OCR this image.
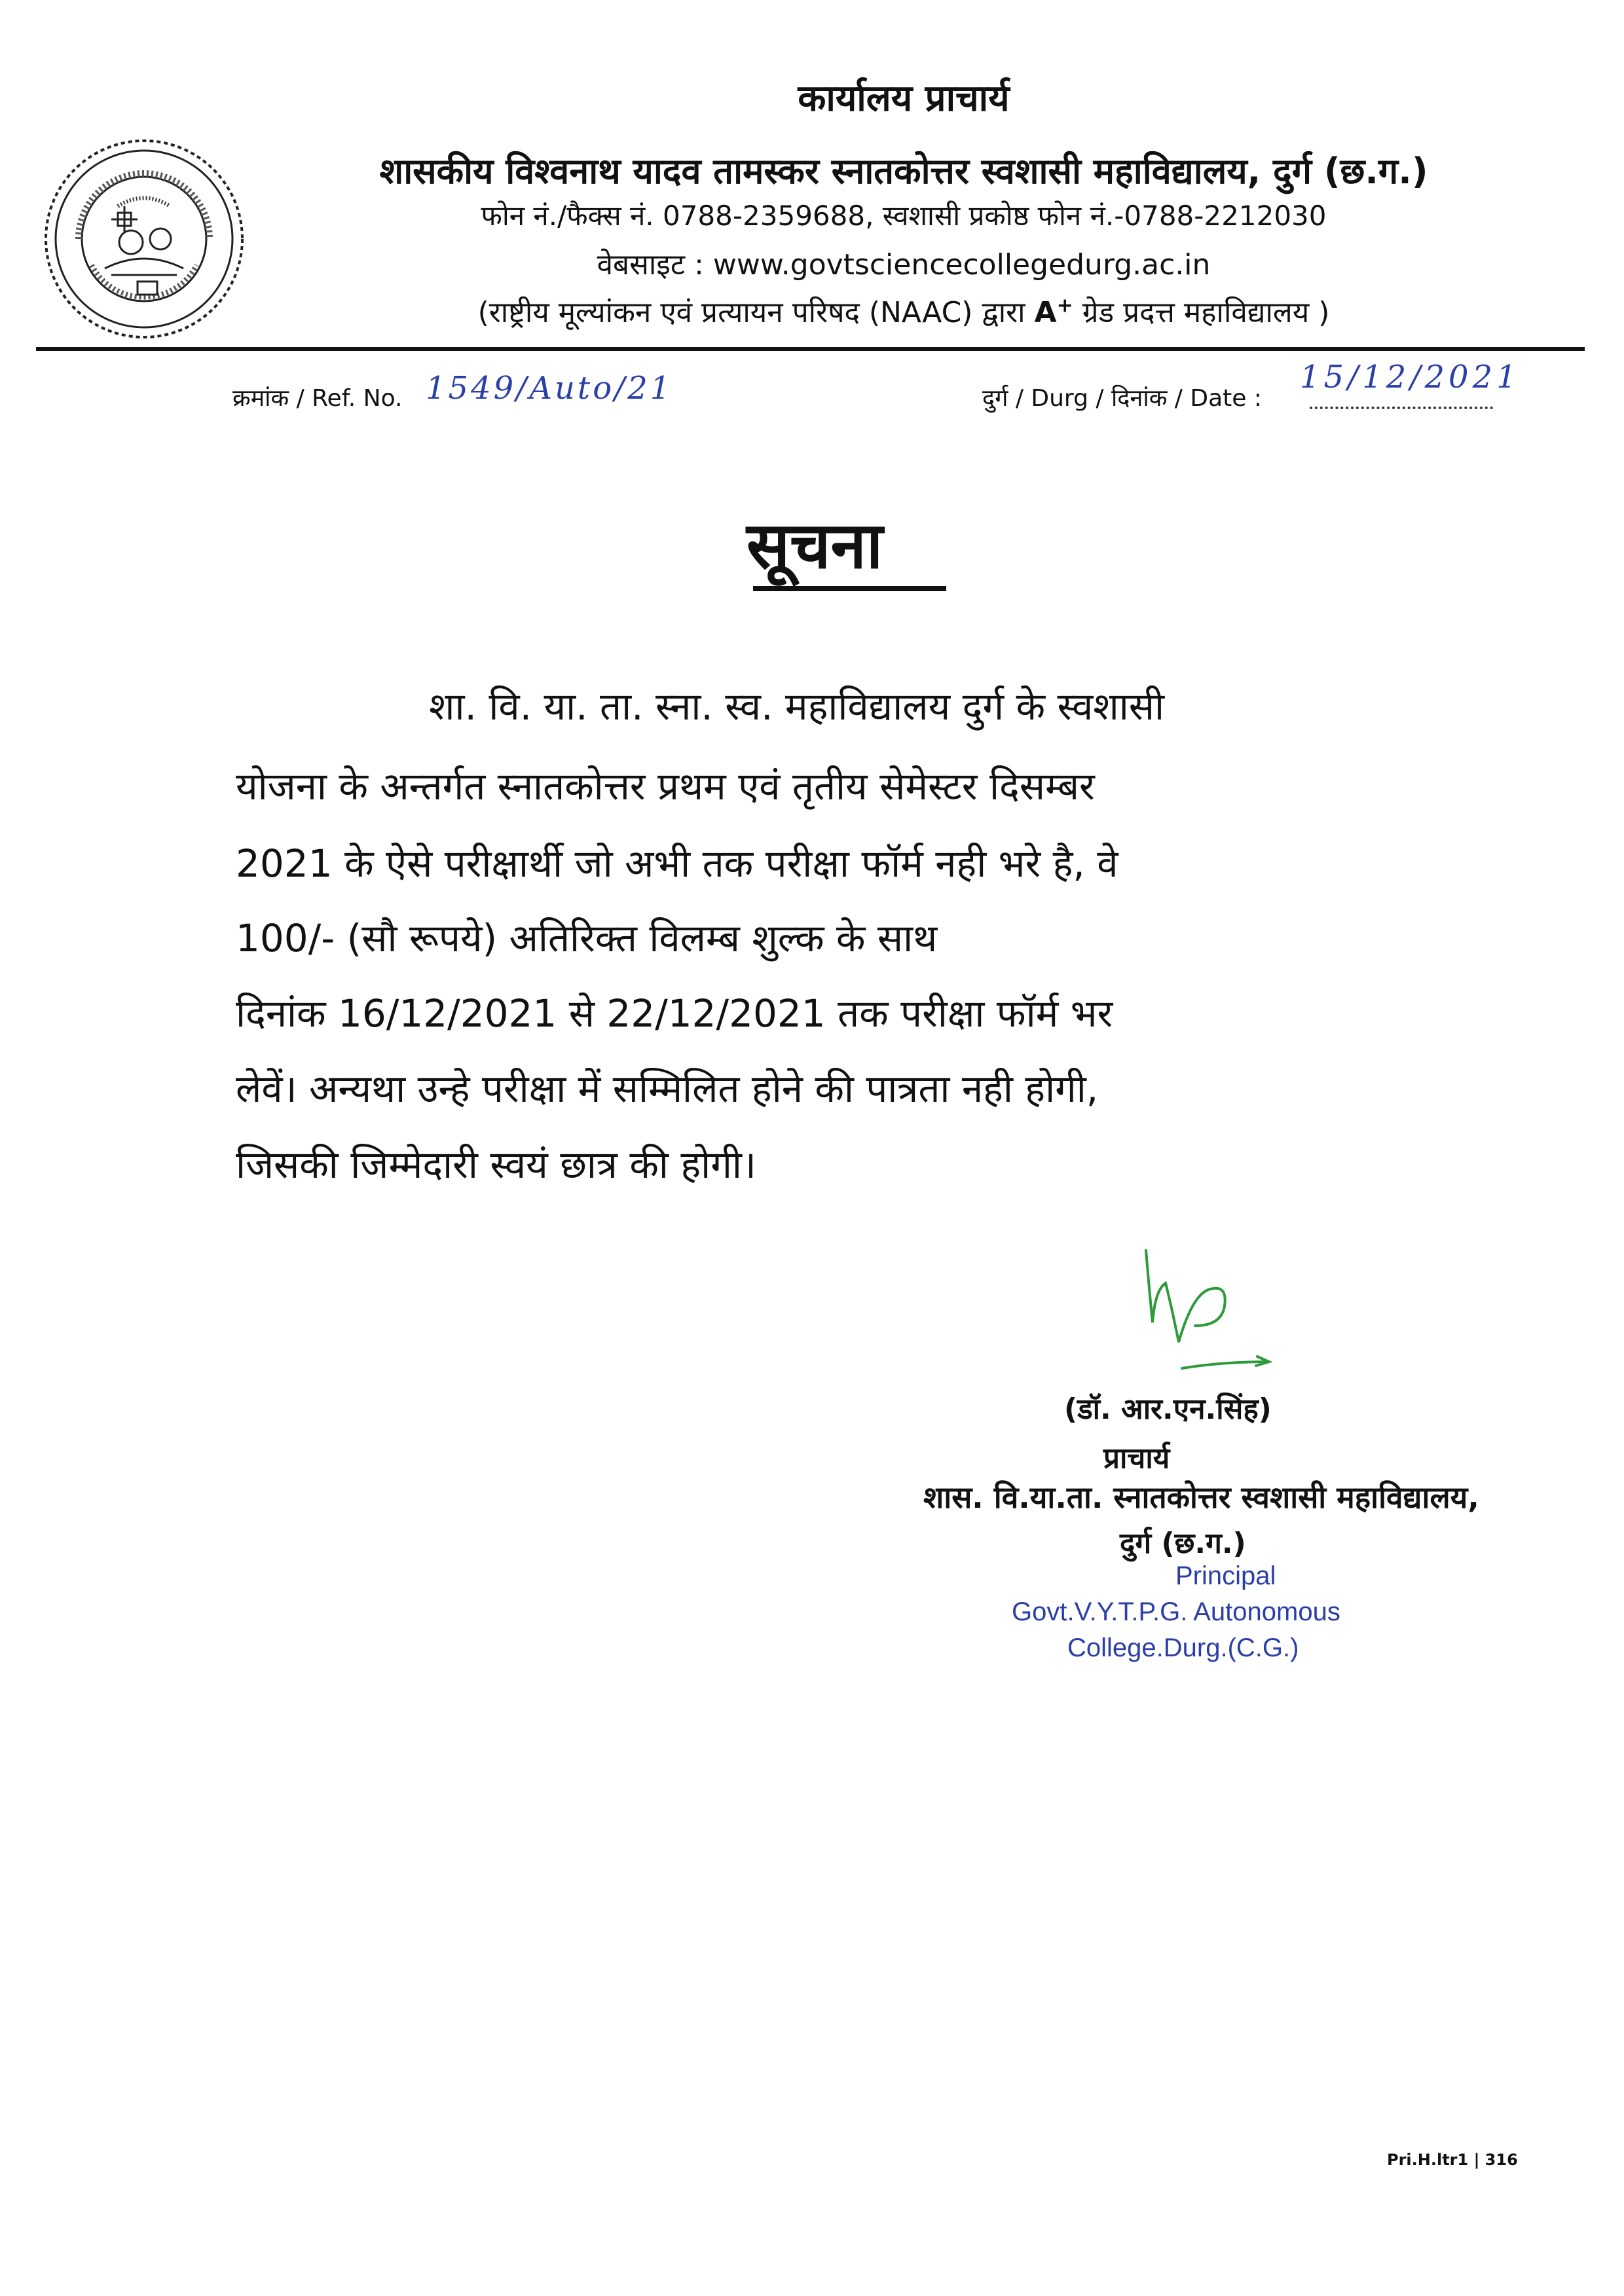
कार्यालय प्राचार्य
शासकीय विश्वनाथ यादव तामस्कर स्नातकोत्तर स्वशासी महाविद्यालय, दुर्ग (छ.ग.)
फोन नं./फैक्स नं. 0788-2359688, स्वशासी प्रकोष्ठ फोन नं.-0788-2212030
वेबसाइट : www.govtsciencecollegedurg.ac.in
(राष्ट्रीय मूल्यांकन एवं प्रत्यायन परिषद (NAAC) द्वारा A+ ग्रेड प्रदत्त महाविद्यालय )
क्रमांक / Ref. No. 1549/Auto/21	दुर्ग / Durg / दिनांक / Date :
15/12/2021
सूचना
शा. वि. या. ता. स्ना. स्व. महाविद्यालय दुर्ग के स्वशासी
योजना के अन्तर्गत स्नातकोत्तर प्रथम एवं तृतीय सेमेस्टर दिसम्बर
2021 के ऐसे परीक्षार्थी जो अभी तक परीक्षा फॉर्म नही भरे है, वे
100/- (सौ रूपये) अतिरिक्त विलम्ब शुल्क के साथ
दिनांक 16/12/2021 से 22/12/2021 तक परीक्षा फॉर्म भर
लेवें। अन्यथा उन्हे परीक्षा में सम्मिलित होने की पात्रता नही होगी,
जिसकी जिम्मेदारी स्वयं छात्र की होगी।
(डॉ. आर.एन.सिंह)
प्राचार्य
शास. वि.या.ता. स्नातकोत्तर स्वशासी महाविद्यालय,
दुर्ग (छ.ग.)
Principal
Govt.V.Y.T.P.G. Autonomous
College.Durg.(C.G.)
Pri.H.ltr1 | 316
